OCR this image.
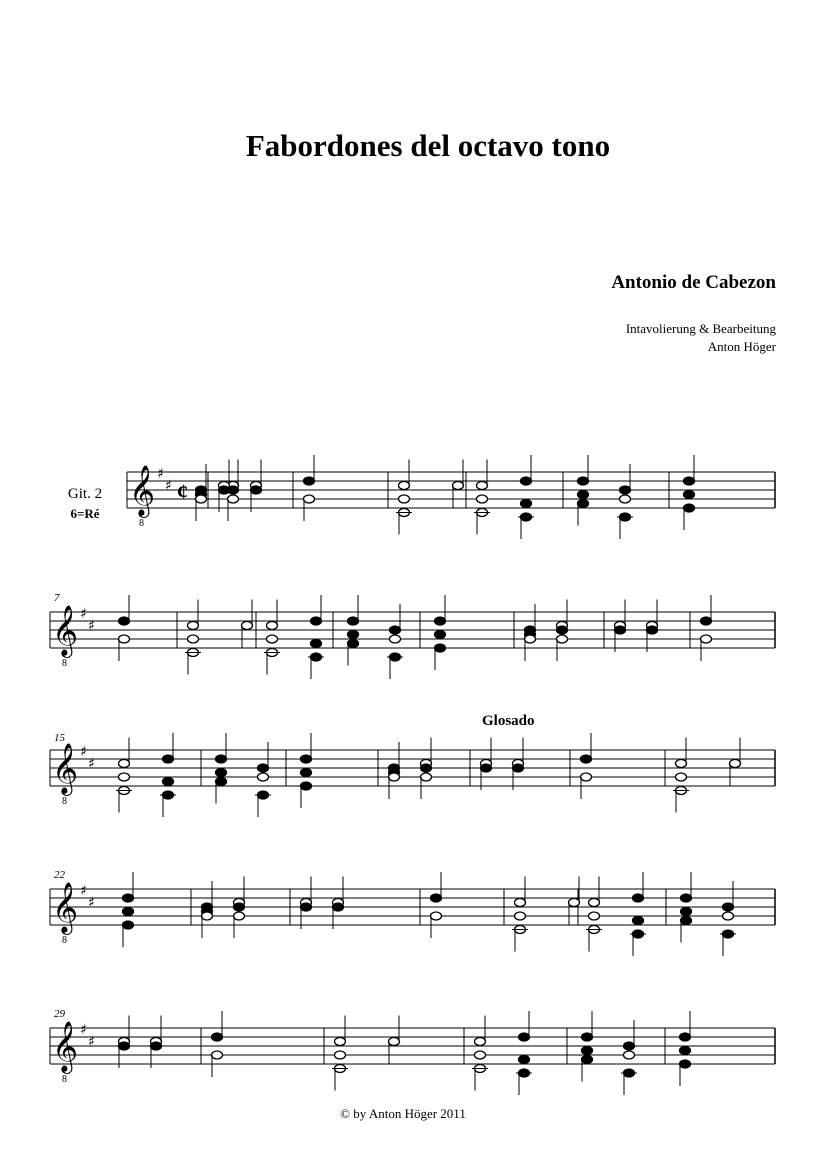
Fabordones del octavo tono
Antonio de Cabezon
Intavolierung & Bearbeitung
Anton Höger
Git. 2
6=Ré
7
15
22
29
Glosado
𝄞
8
♯
♯ ¢
𝄞
8
♯
♯
𝄞
8
♯
♯
𝄞
8
♯
♯
𝄞
8
♯
♯
© by Anton Höger 2011
